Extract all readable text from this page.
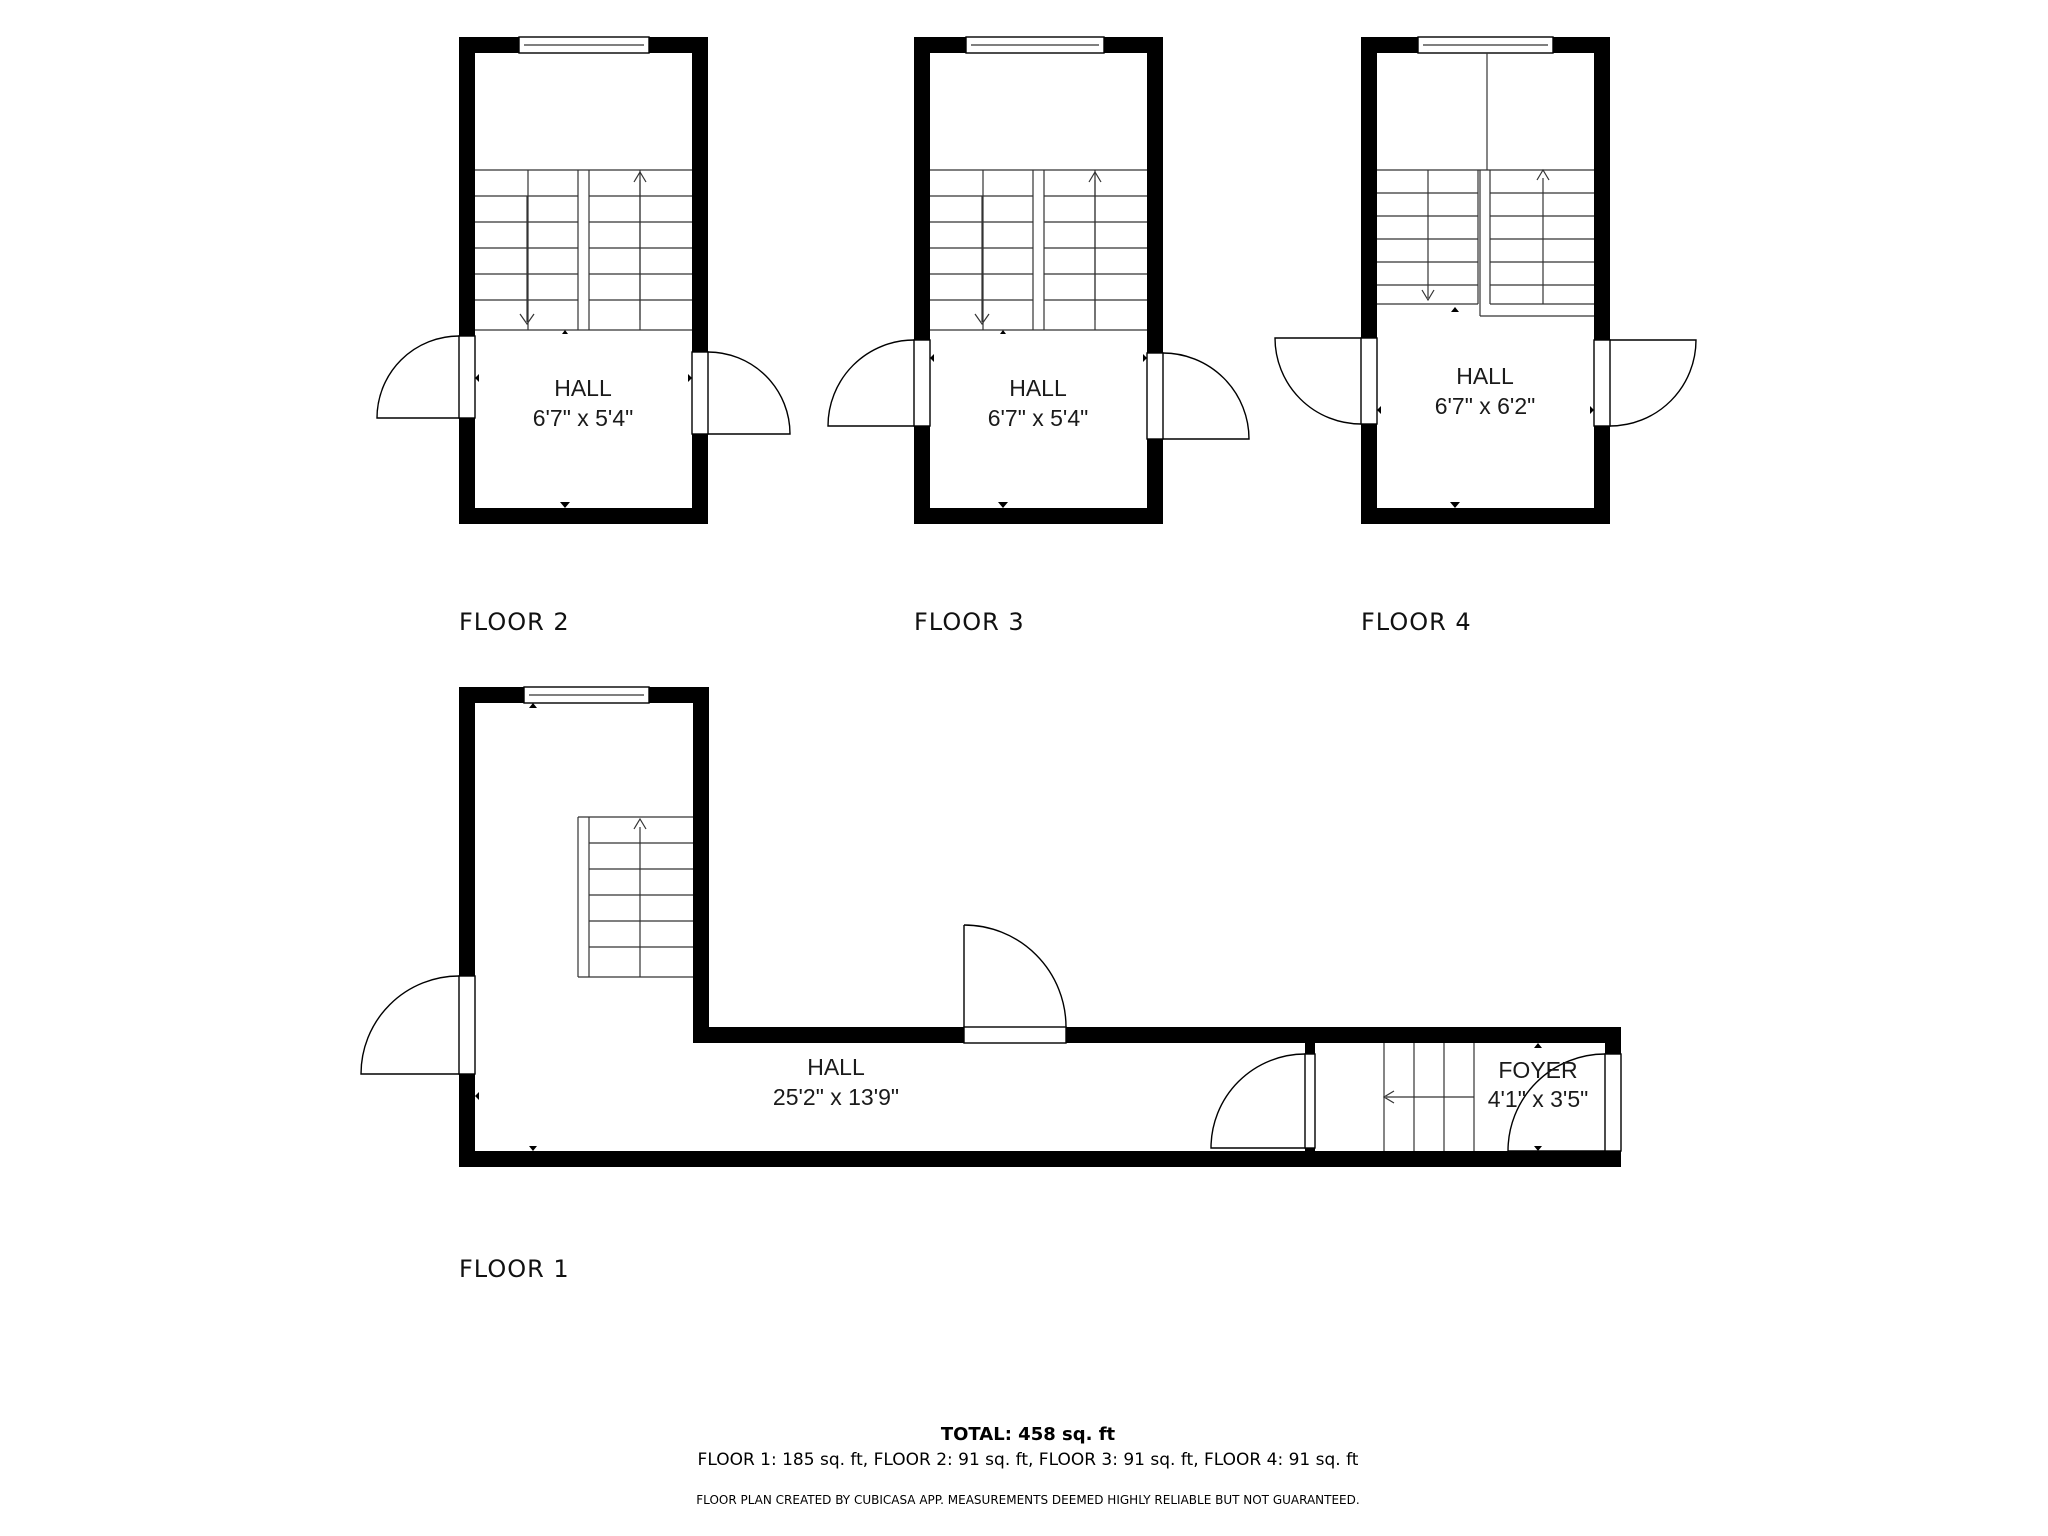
HALL
6'7" x 5'4"
FLOOR 2
HALL
6'7" x 5'4"
FLOOR 3
HALL
6'7" x 6'2"
FLOOR 4
HALL
25'2" x 13'9"
FOYER
4'1" x 3'5"
FLOOR 1
TOTAL: 458 sq. ft
FLOOR 1: 185 sq. ft, FLOOR 2: 91 sq. ft, FLOOR 3: 91 sq. ft, FLOOR 4: 91 sq. ft
FLOOR PLAN CREATED BY CUBICASA APP. MEASUREMENTS DEEMED HIGHLY RELIABLE BUT NOT GUARANTEED.
